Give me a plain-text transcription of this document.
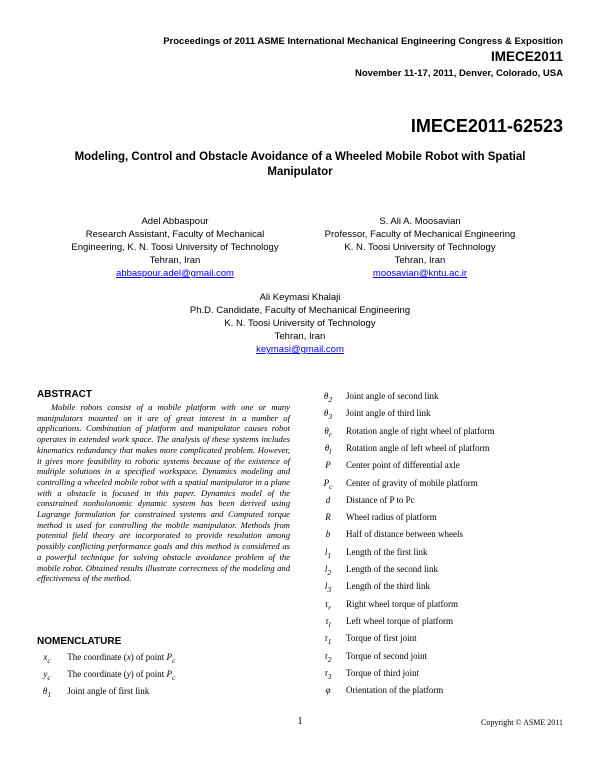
Proceedings of 2011 ASME International Mechanical Engineering Congress & Exposition
IMECE2011
November 11-17, 2011, Denver, Colorado, USA
IMECE2011-62523
Modeling, Control and Obstacle Avoidance of a Wheeled Mobile Robot with Spatial
Manipulator
Adel Abbaspour
Research Assistant, Faculty of Mechanical
Engineering, K. N. Toosi University of Technology
Tehran, Iran
abbaspour.adel@gmail.com
S. Ali A. Moosavian
Professor, Faculty of Mechanical Engineering
K. N. Toosi University of Technology
Tehran, Iran
moosavian@kntu.ac.ir
Ali Keymasi Khalaji
Ph.D. Candidate, Faculty of Mechanical Engineering
K. N. Toosi University of Technology
Tehran, Iran
keymasi@gmail.com
ABSTRACT

Mobile robots consist of a mobile platform with one or many manipulators mounted on it are of great interest in a number of applications. Combination of platform and manipulator causes robot operates in extended work space. The analysis of these systems includes kinematics redundancy that makes more complicated problem. However, it gives more feasibility to robotic systems because of the existence of multiple solutions in a specified workspace. Dynamics modeling and controlling a wheeled mobile robot with a spatial manipulator in a plane with a obstacle is focused in this paper. Dynamics model of the constrained nonholonomic dynamic system has been derived using Lagrange formulation for constrained systems and Computed torque method is used for controlling the mobile manipulator. Methods from potential field theory are incorporated to provide resolution among possibly conflicting performance goals and this method is considered as a powerful technique for solving obstacle avoidance problem of the mobile robot. Obtained results illustrate correctness of the modeling and effectiveness of the method.

NOMENCLATURE
$x_c$ The coordinate (x) of point $P_c$
$y_c$ The coordinate (y) of point $P_c$
$\theta_1$ Joint angle of first link
$\theta_2$ Joint angle of second link
$\theta_3$ Joint angle of third link
$\theta_r$ Rotation angle of right wheel of platform
$\theta_l$ Rotation angle of left wheel of platform
P Center point of differential axle
$P_c$ Center of gravity of mobile platform
d Distance of P to Pc
R Wheel radius of platform
b Half of distance between wheels
$l_1$ Length of the first link
$l_2$ Length of the second link
$l_3$ Length of the third link
$\tau_r$ Right wheel torque of platform
$\tau_l$ Left wheel torque of platform
$\tau_1$ Torque of first joint
$\tau_2$ Torque of second joint
$\tau_3$ Torque of third joint
φ Orientation of the platform
1	Copyright © ASME 2011
